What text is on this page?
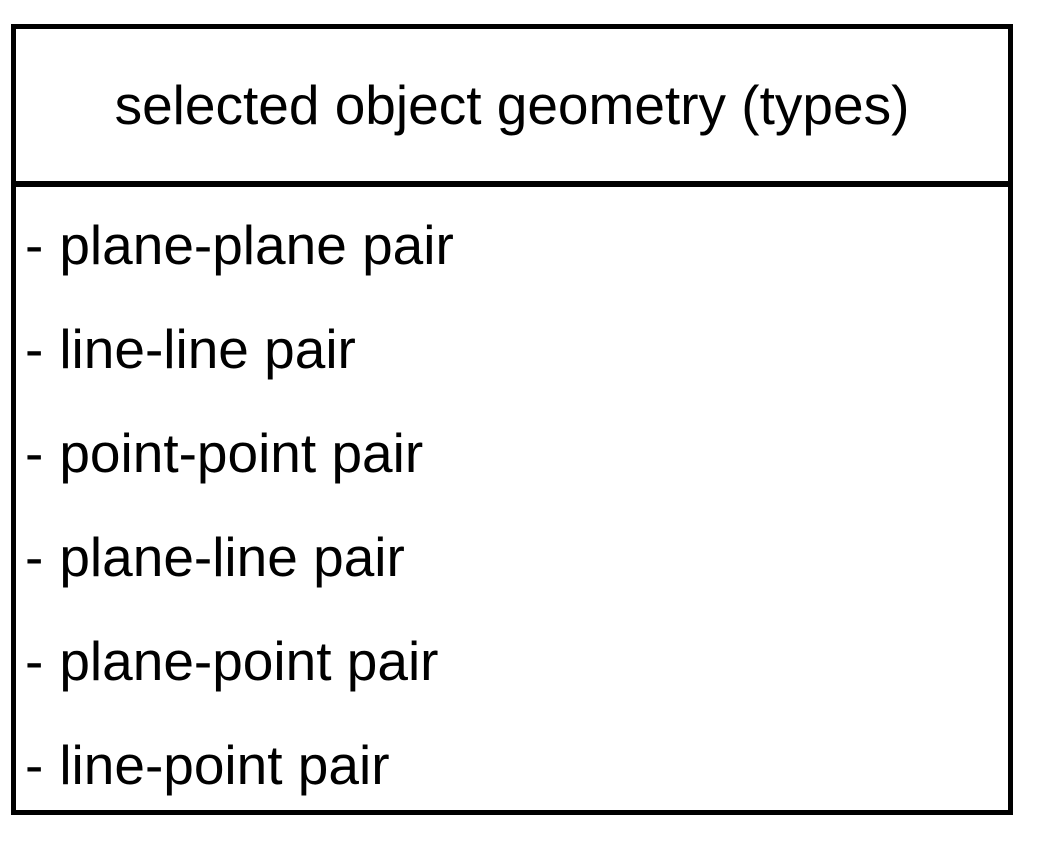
selected object geometry (types)
- plane-plane pair
- line-line pair
- point-point pair
- plane-line pair
- plane-point pair
- line-point pair
